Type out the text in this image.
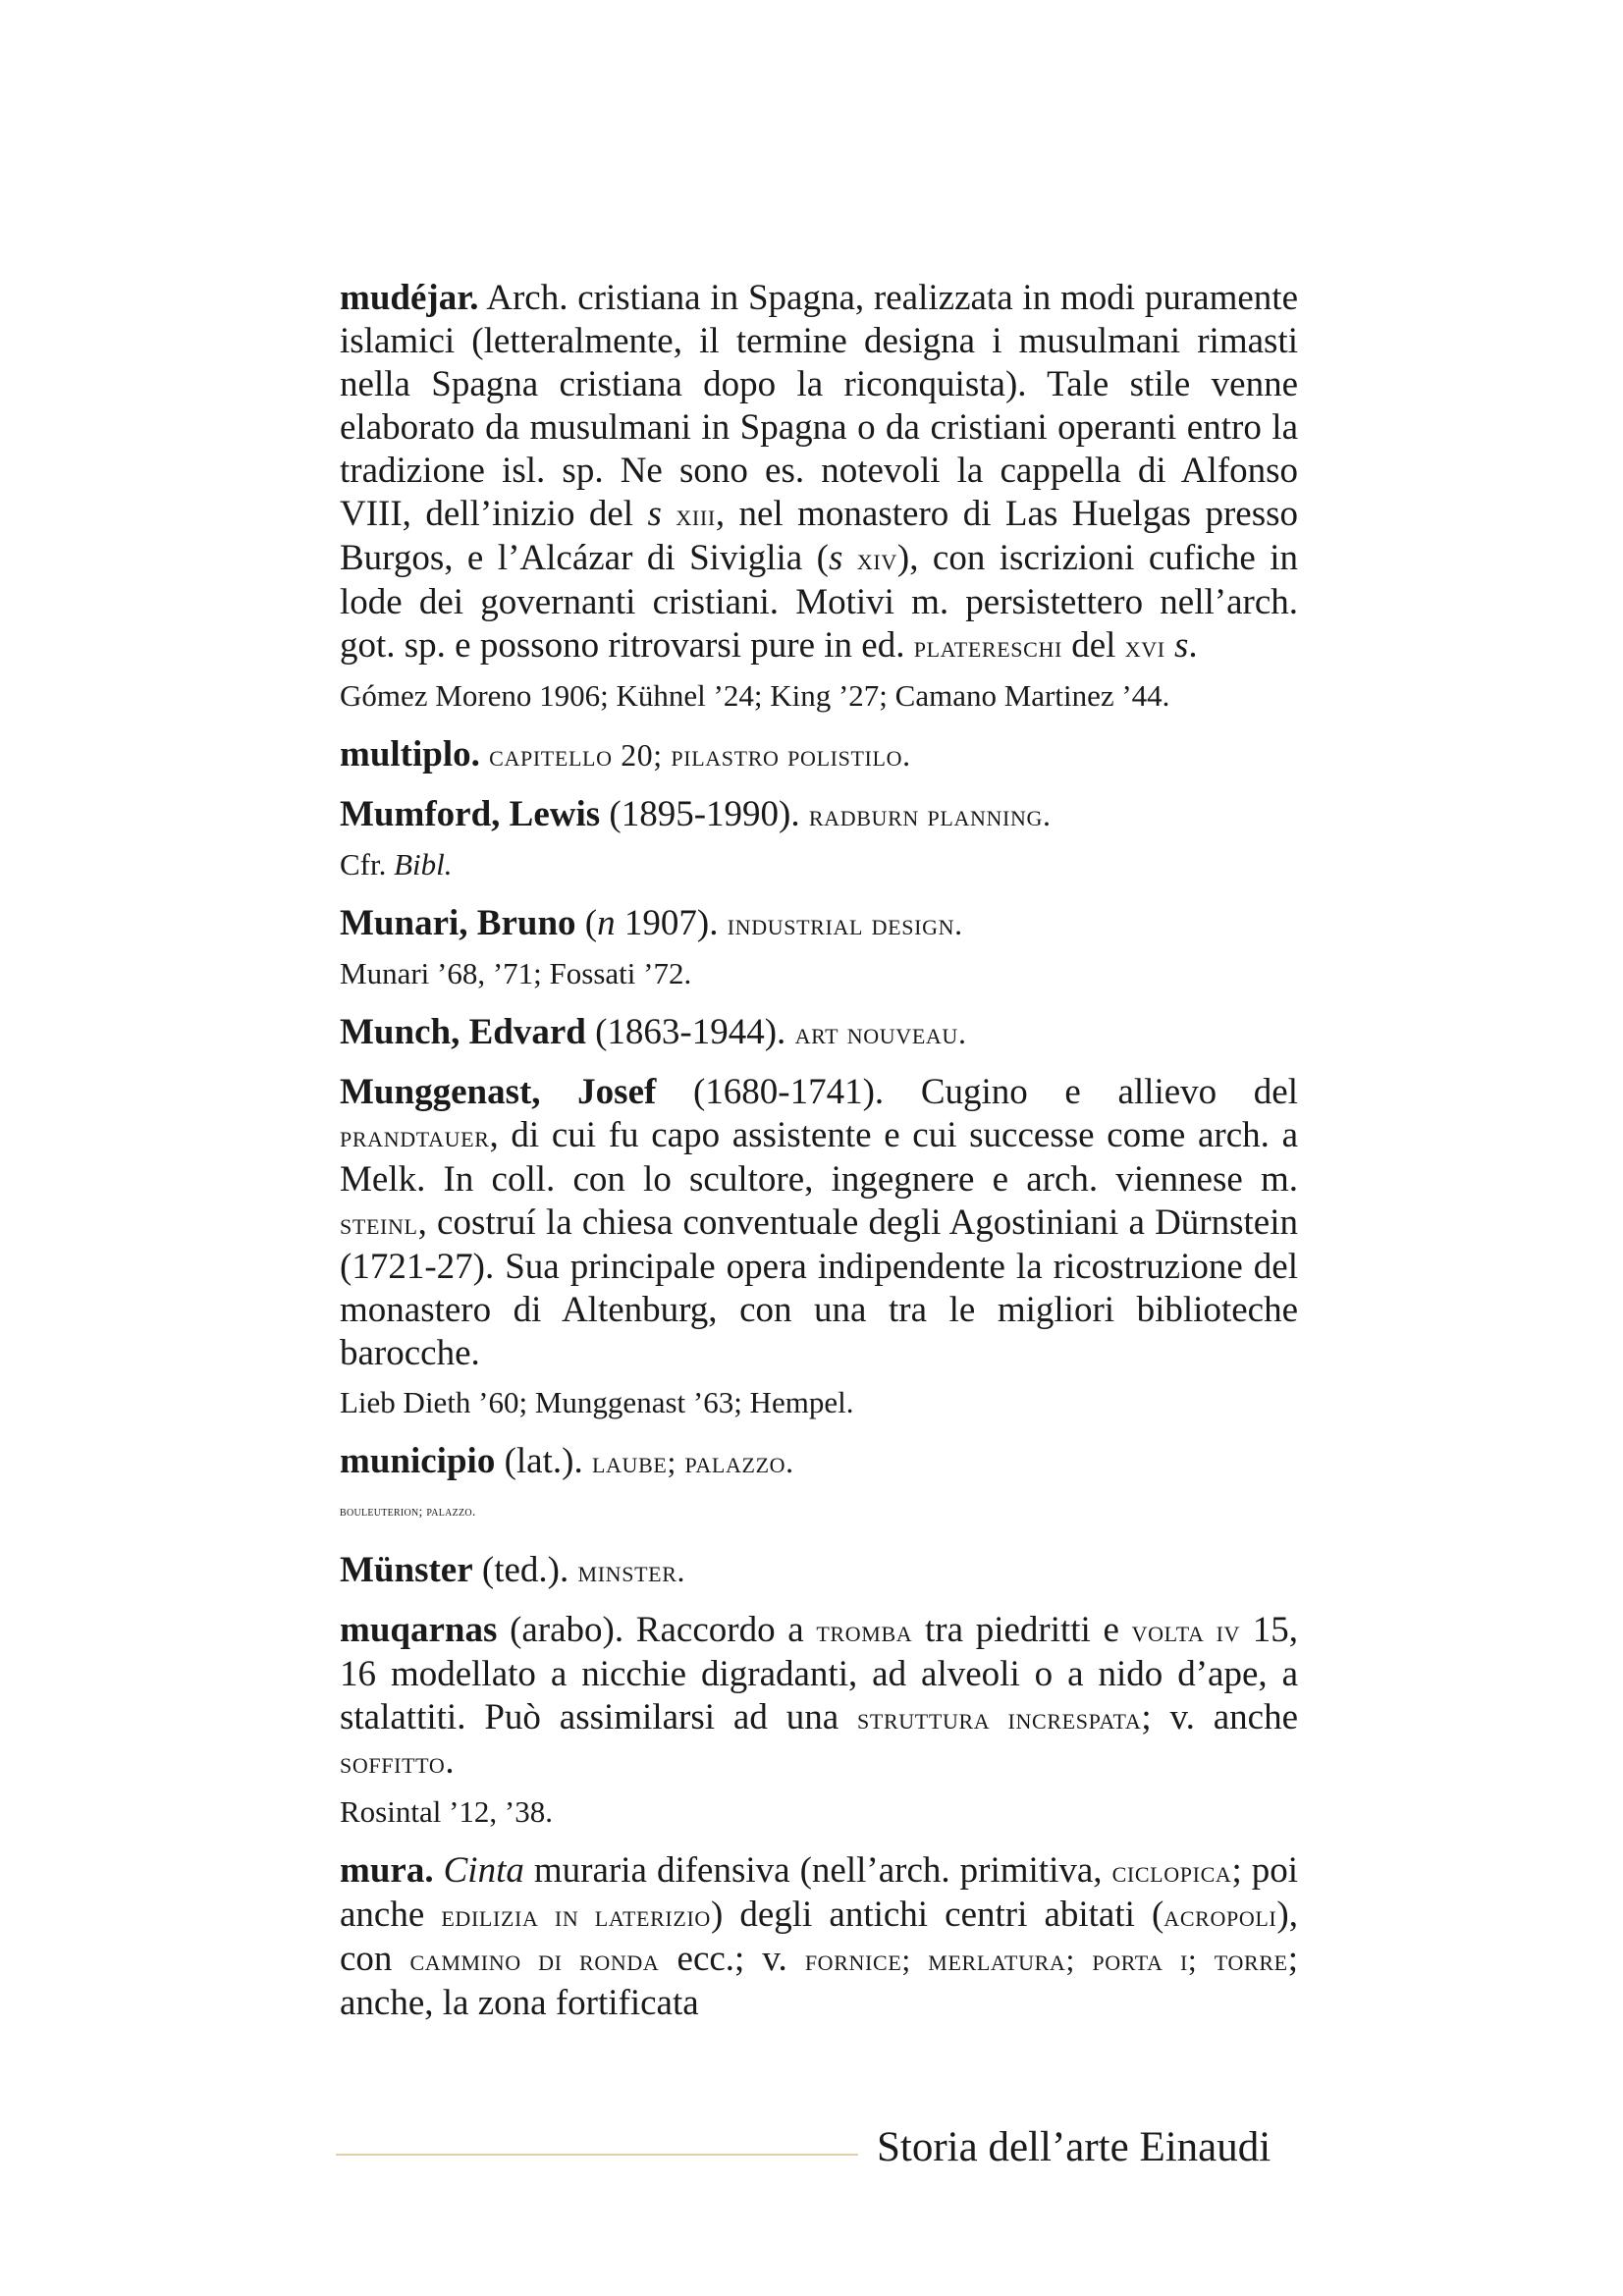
mudéjar. Arch. cristiana in Spagna, realizzata in modi puramente islamici (letteralmente, il termine designa i musulmani rimasti nella Spagna cristiana dopo la riconquista). Tale stile venne elaborato da musulmani in Spagna o da cristiani operanti entro la tradizione isl. sp. Ne sono es. notevoli la cappella di Alfonso VIII, dell’inizio del s xiii, nel monastero di Las Huelgas presso Burgos, e l’Alcázar di Siviglia (s xiv), con iscrizioni cufiche in lode dei governanti cristiani. Motivi m. persistettero nell’arch. got. sp. e possono ritrovarsi pure in ed. platereschi del xvi s.

Gómez Moreno 1906; Kühnel ’24; King ’27; Camano Martinez ’44.

multiplo. capitello 20; pilastro polistilo.

Mumford, Lewis (1895-1990). radburn planning.

Cfr. Bibl.

Munari, Bruno (n 1907). industrial design.

Munari ’68, ’71; Fossati ’72.

Munch, Edvard (1863-1944). art nouveau.

Munggenast, Josef (1680-1741). Cugino e allievo del prandtauer, di cui fu capo assistente e cui successe come arch. a Melk. In coll. con lo scultore, ingegnere e arch. viennese m. steinl, costruí la chiesa conventuale degli Agostiniani a Dürnstein (1721-27). Sua principale opera indipendente la ricostruzione del monastero di Altenburg, con una tra le migliori biblioteche barocche.

Lieb Dieth ’60; Munggenast ’63; Hempel.

municipio (lat.). laube; palazzo.

bouleuterion; palazzo.

Münster (ted.). minster.

muqarnas (arabo). Raccordo a tromba tra piedritti e volta iv 15, 16 modellato a nicchie digradanti, ad alveoli o a nido d’ape, a stalattiti. Può assimilarsi ad una struttura increspata; v. anche soffitto.

Rosintal ’12, ’38.

mura. Cinta muraria difensiva (nell’arch. primitiva, ciclopica; poi anche edilizia in laterizio) degli antichi centri abitati (acropoli), con cammino di ronda ecc.; v. fornice; merlatura; porta i; torre; anche, la zona fortificata

Storia dell’arte Einaudi
